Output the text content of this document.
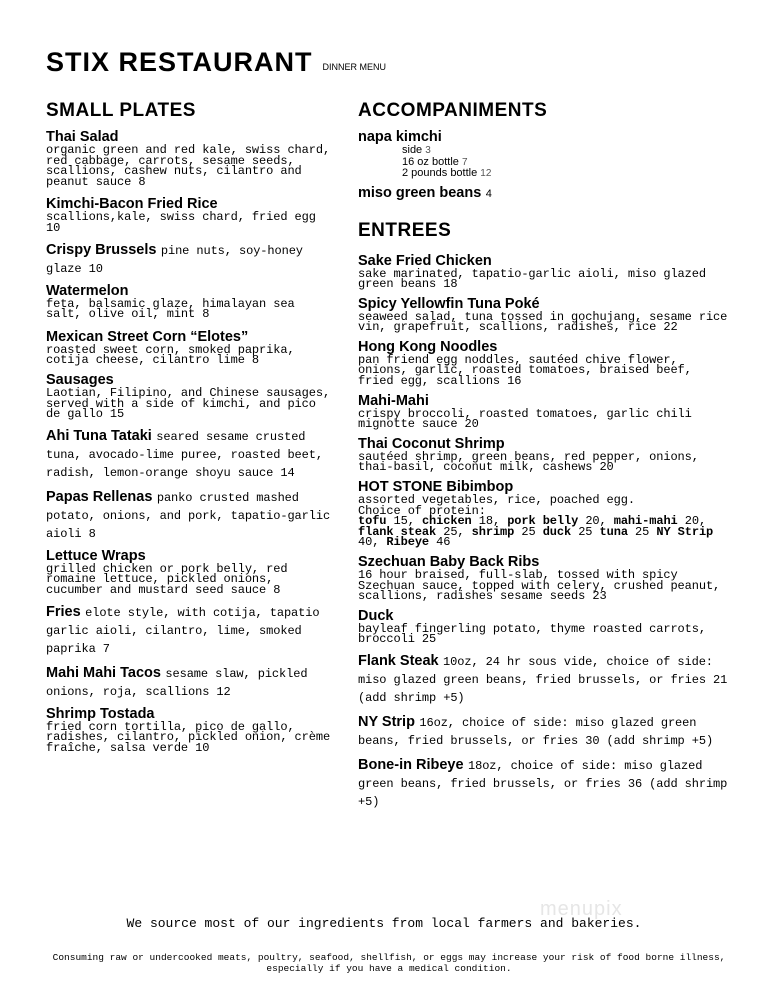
STIX RESTAURANT DINNER MENU
SMALL PLATES
Thai Salad
organic green and red kale, swiss chard, red cabbage, carrots, sesame seeds, scallions, cashew nuts, cilantro and peanut sauce 8
Kimchi-Bacon Fried Rice
scallions,kale, swiss chard, fried egg 10
Crispy Brussels pine nuts, soy-honey glaze 10
Watermelon
feta, balsamic glaze, himalayan sea salt, olive oil, mint 8
Mexican Street Corn “Elotes”
roasted sweet corn, smoked paprika, cotija cheese, cilantro lime 8
Sausages
Laotian, Filipino, and Chinese sausages, served with a side of kimchi, and pico de gallo 15
Ahi Tuna Tataki seared sesame crusted tuna, avocado-lime puree, roasted beet, radish, lemon-orange shoyu sauce 14
Papas Rellenas panko crusted mashed potato, onions, and pork, tapatio-garlic aioli 8
Lettuce Wraps
grilled chicken or pork belly, red romaine lettuce, pickled onions, cucumber and mustard seed sauce 8
Fries elote style, with cotija, tapatio garlic aioli, cilantro, lime, smoked paprika 7
Mahi Mahi Tacos sesame slaw, pickled onions, roja, scallions 12
Shrimp Tostada
fried corn tortilla, pico de gallo, radishes, cilantro, pickled onion, crème fraîche, salsa verde 10
ACCOMPANIMENTS
napa kimchi
side 3
16 oz bottle 7
2 pounds bottle 12
miso green beans 4
ENTREES
Sake Fried Chicken
sake marinated, tapatio-garlic aioli, miso glazed green beans 18
Spicy Yellowfin Tuna Poké
seaweed salad, tuna tossed in gochujang, sesame rice vin, grapefruit, scallions, radishes, rice 22
Hong Kong Noodles
pan friend egg noddles, sautéed chive flower, onions, garlic, roasted tomatoes, braised beef, fried egg, scallions 16
Mahi-Mahi
crispy broccoli, roasted tomatoes, garlic chili mignotte sauce 20
Thai Coconut Shrimp
sautéed shrimp, green beans, red pepper, onions, thai-basil, coconut milk, cashews 20
HOT STONE Bibimbop
assorted vegetables, rice, poached egg.
Choice of protein:
tofu 15, chicken 18, pork belly 20, mahi-mahi 20, flank steak 25, shrimp 25 duck 25 tuna 25 NY Strip 40, Ribeye 46
Szechuan Baby Back Ribs
16 hour braised, full-slab, tossed with spicy Szechuan sauce, topped with celery, crushed peanut, scallions, radishes sesame seeds 23
Duck
bayleaf fingerling potato, thyme roasted carrots, broccoli 25
Flank Steak 10oz, 24 hr sous vide, choice of side: miso glazed green beans, fried brussels, or fries 21 (add shrimp +5)
NY Strip 16oz, choice of side: miso glazed green beans, fried brussels, or fries 30 (add shrimp +5)
Bone-in Ribeye 18oz, choice of side: miso glazed green beans, fried brussels, or fries 36 (add shrimp +5)
menupix
We source most of our ingredients from local farmers and bakeries.
Consuming raw or undercooked meats, poultry, seafood, shellfish, or eggs may increase your risk of food borne illness, especially if you have a medical condition.
